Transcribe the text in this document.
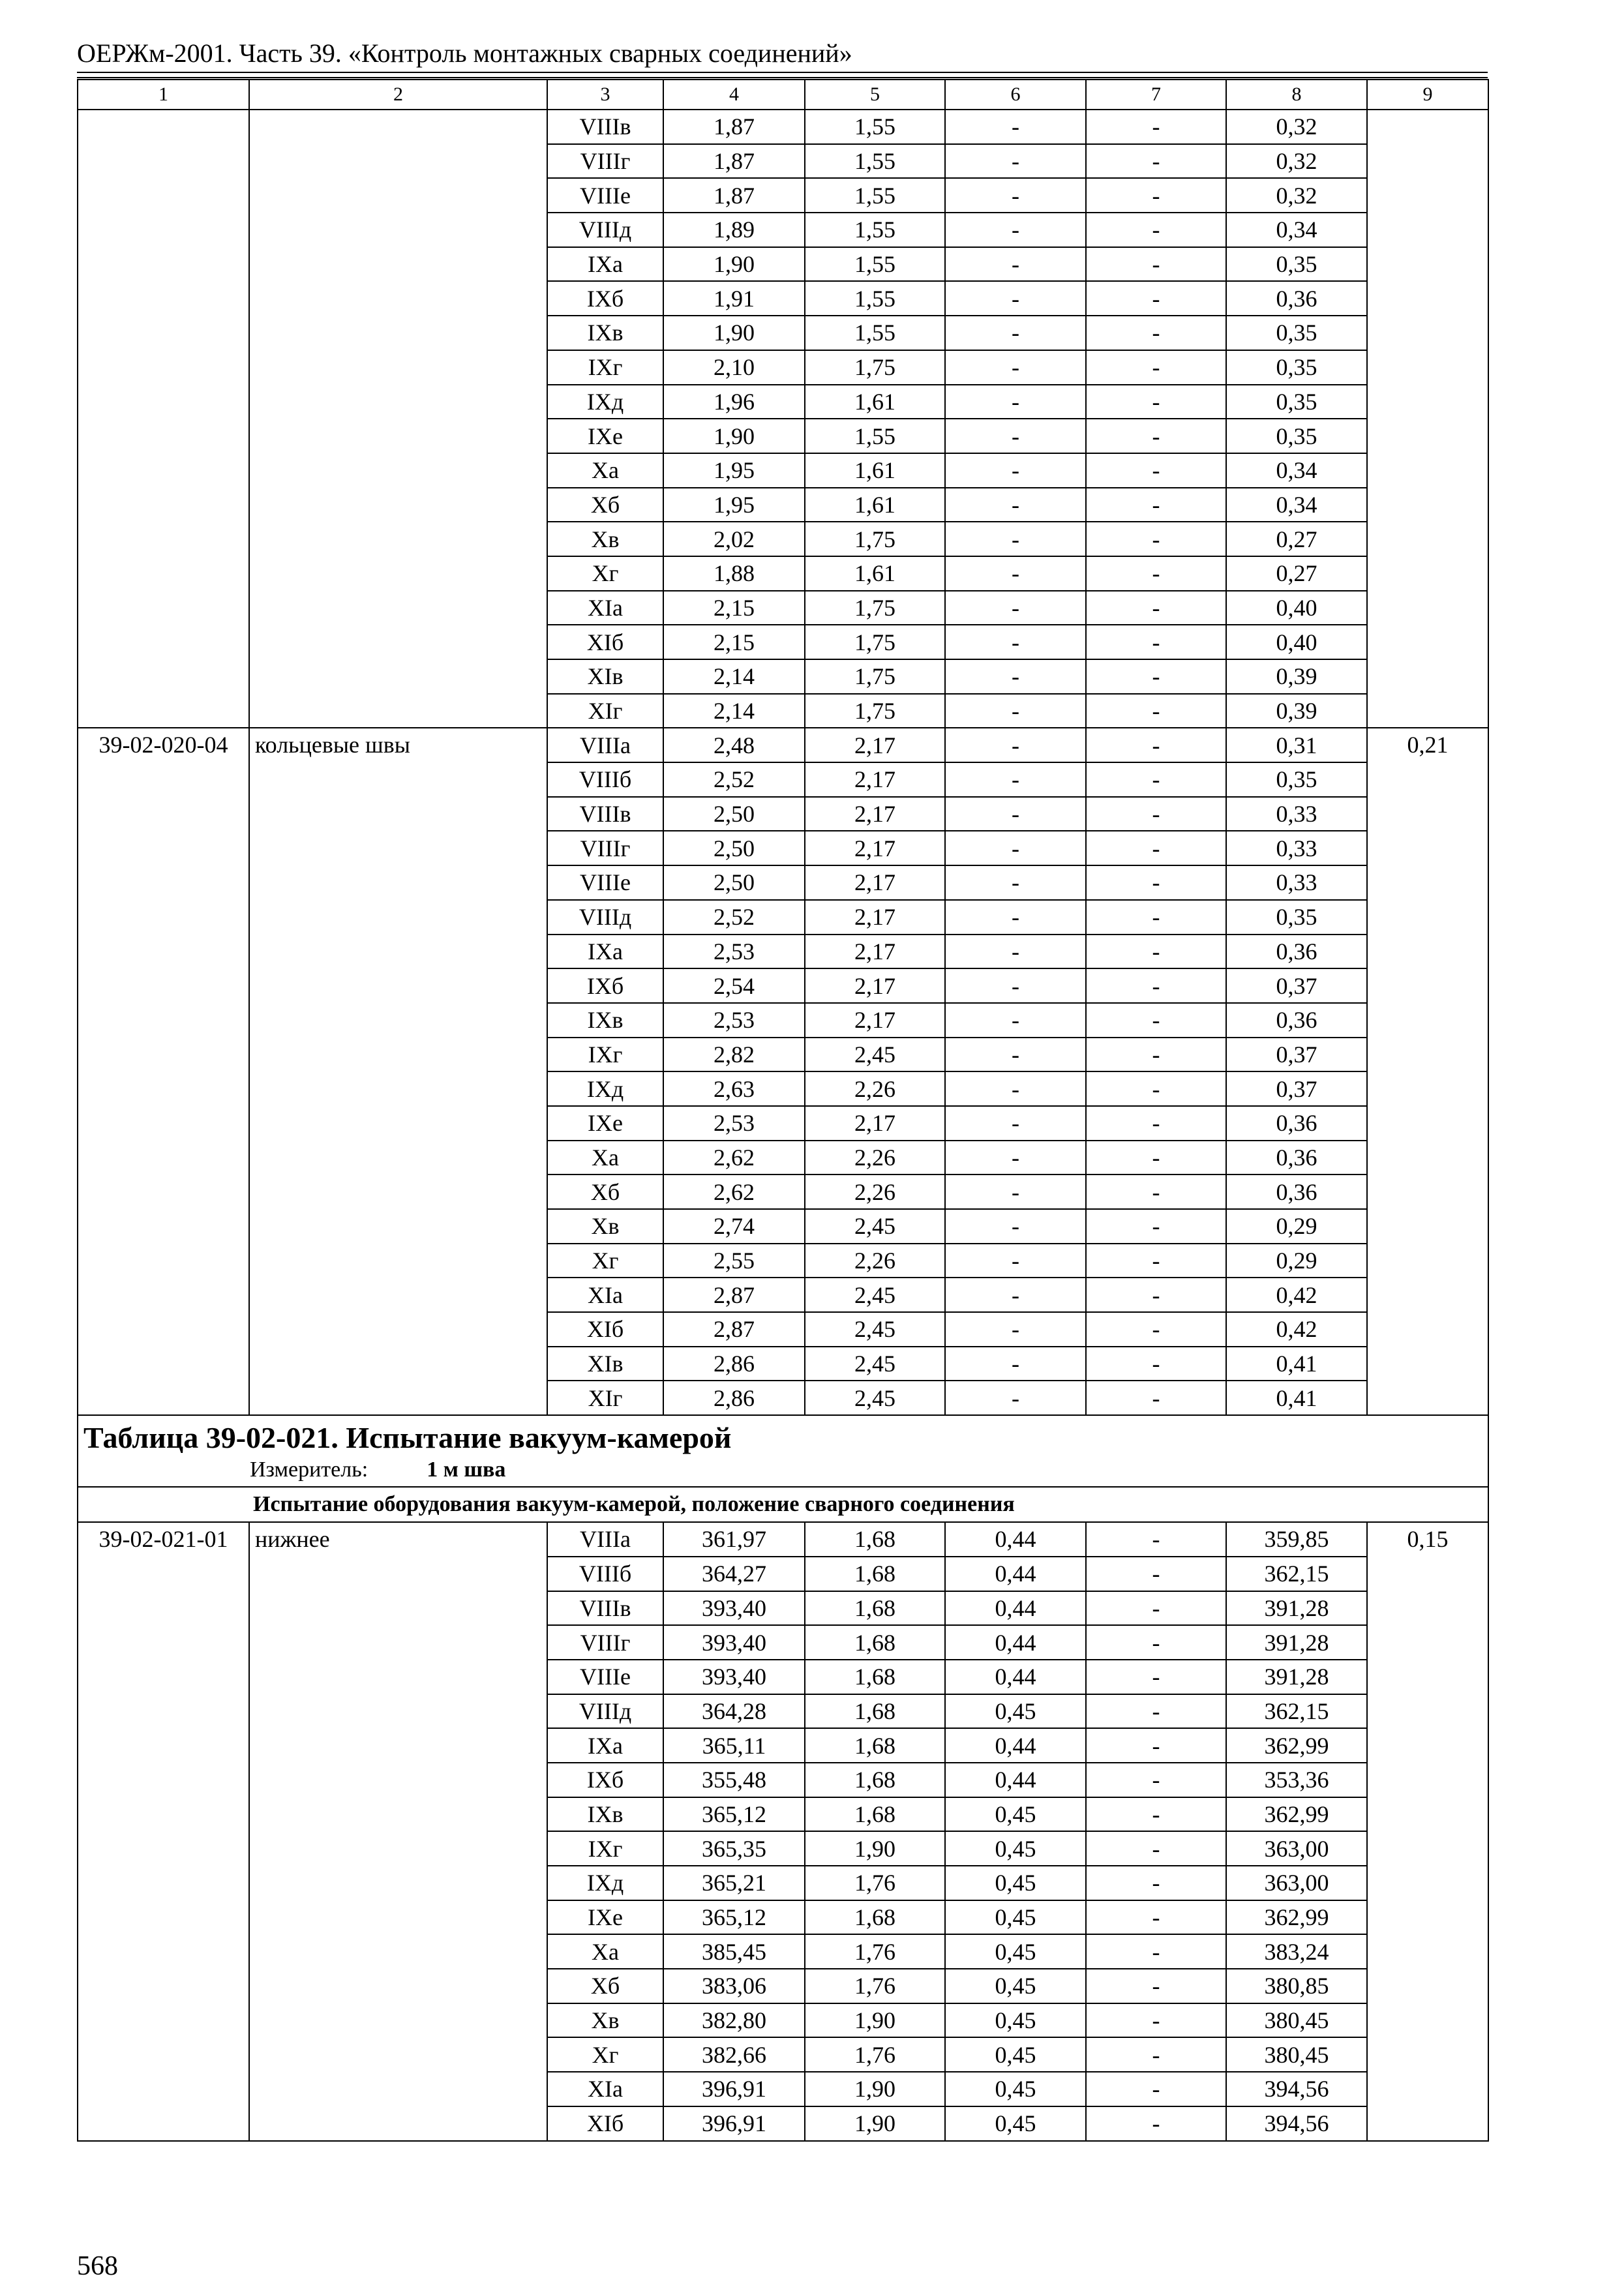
ОЕРЖм-2001. Часть 39. «Контроль монтажных сварных соединений»
1	2	3	4	5	6	7	8	9
		VIIIв	1,87	1,55	-	-	0,32	
		VIIIг	1,87	1,55	-	-	0,32	
		VIIIе	1,87	1,55	-	-	0,32	
		VIIIд	1,89	1,55	-	-	0,34	
		IXа	1,90	1,55	-	-	0,35	
		IXб	1,91	1,55	-	-	0,36	
		IXв	1,90	1,55	-	-	0,35	
		IXг	2,10	1,75	-	-	0,35	
		IXд	1,96	1,61	-	-	0,35	
		IXе	1,90	1,55	-	-	0,35	
		Xа	1,95	1,61	-	-	0,34	
		Xб	1,95	1,61	-	-	0,34	
		Xв	2,02	1,75	-	-	0,27	
		Xг	1,88	1,61	-	-	0,27	
		XIа	2,15	1,75	-	-	0,40	
		XIб	2,15	1,75	-	-	0,40	
		XIв	2,14	1,75	-	-	0,39	
		XIг	2,14	1,75	-	-	0,39	
39-02-020-04	кольцевые швы	VIIIа	2,48	2,17	-	-	0,31	0,21
		VIIIб	2,52	2,17	-	-	0,35	
		VIIIв	2,50	2,17	-	-	0,33	
		VIIIг	2,50	2,17	-	-	0,33	
		VIIIе	2,50	2,17	-	-	0,33	
		VIIIд	2,52	2,17	-	-	0,35	
		IXа	2,53	2,17	-	-	0,36	
		IXб	2,54	2,17	-	-	0,37	
		IXв	2,53	2,17	-	-	0,36	
		IXг	2,82	2,45	-	-	0,37	
		IXд	2,63	2,26	-	-	0,37	
		IXе	2,53	2,17	-	-	0,36	
		Xа	2,62	2,26	-	-	0,36	
		Xб	2,62	2,26	-	-	0,36	
		Xв	2,74	2,45	-	-	0,29	
		Xг	2,55	2,26	-	-	0,29	
		XIа	2,87	2,45	-	-	0,42	
		XIб	2,87	2,45	-	-	0,42	
		XIв	2,86	2,45	-	-	0,41	
		XIг	2,86	2,45	-	-	0,41	

Таблица 39-02-021. Испытание вакуум-камерой
Измеритель: 1 м шва								

Испытание оборудования вакуум-камерой, положение сварного соединения								
39-02-021-01	нижнее	VIIIа	361,97	1,68	0,44	-	359,85	0,15
		VIIIб	364,27	1,68	0,44	-	362,15	
		VIIIв	393,40	1,68	0,44	-	391,28	
		VIIIг	393,40	1,68	0,44	-	391,28	
		VIIIе	393,40	1,68	0,44	-	391,28	
		VIIIд	364,28	1,68	0,45	-	362,15	
		IXа	365,11	1,68	0,44	-	362,99	
		IXб	355,48	1,68	0,44	-	353,36	
		IXв	365,12	1,68	0,45	-	362,99	
		IXг	365,35	1,90	0,45	-	363,00	
		IXд	365,21	1,76	0,45	-	363,00	
		IXе	365,12	1,68	0,45	-	362,99	
		Xа	385,45	1,76	0,45	-	383,24	
		Xб	383,06	1,76	0,45	-	380,85	
		Xв	382,80	1,90	0,45	-	380,45	
		Xг	382,66	1,76	0,45	-	380,45	
		XIа	396,91	1,90	0,45	-	394,56	
		XIб	396,91	1,90	0,45	-	394,56	
568
